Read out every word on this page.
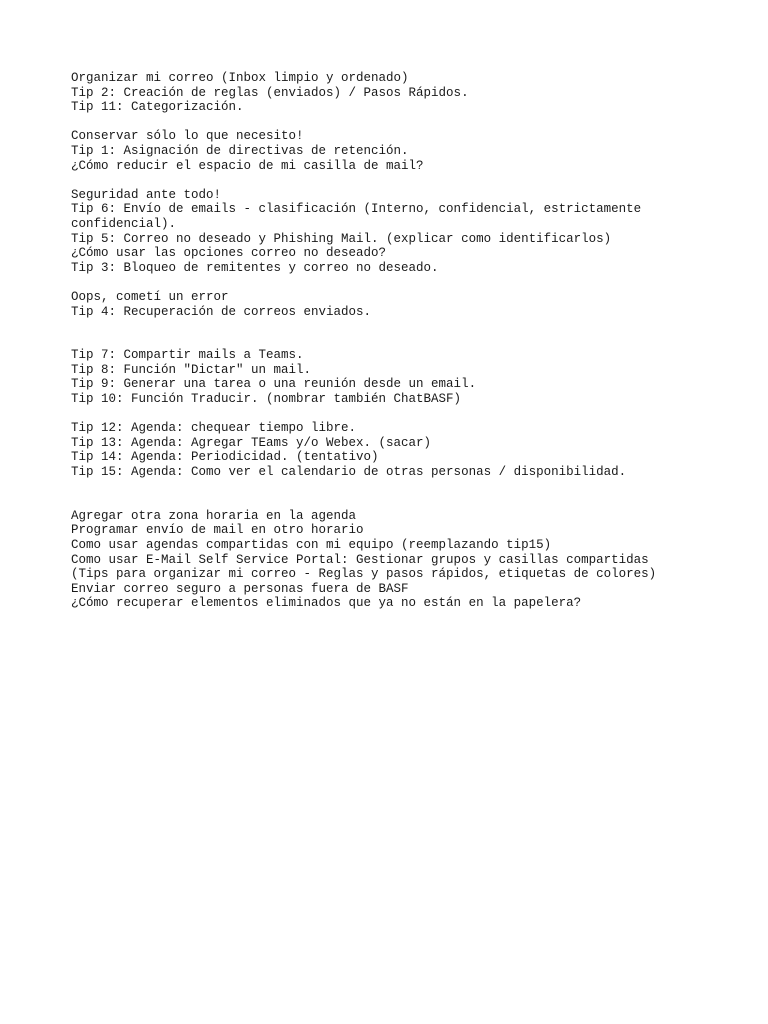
Organizar mi correo (Inbox limpio y ordenado)
Tip 2: Creación de reglas (enviados) / Pasos Rápidos.
Tip 11: Categorización.
Conservar sólo lo que necesito!
Tip 1: Asignación de directivas de retención.
¿Cómo reducir el espacio de mi casilla de mail?
Seguridad ante todo!
Tip 6: Envío de emails - clasificación (Interno, confidencial, estrictamente confidencial).
Tip 5: Correo no deseado y Phishing Mail. (explicar como identificarlos)
¿Cómo usar las opciones correo no deseado?
Tip 3: Bloqueo de remitentes y correo no deseado.
Oops, cometí un error
Tip 4: Recuperación de correos enviados.
Tip 7: Compartir mails a Teams.
Tip 8: Función "Dictar" un mail.
Tip 9: Generar una tarea o una reunión desde un email.
Tip 10: Función Traducir. (nombrar también ChatBASF)
Tip 12: Agenda: chequear tiempo libre.
Tip 13: Agenda: Agregar TEams y/o Webex. (sacar)
Tip 14: Agenda: Periodicidad. (tentativo)
Tip 15: Agenda: Como ver el calendario de otras personas / disponibilidad.
Agregar otra zona horaria en la agenda
Programar envío de mail en otro horario
Como usar agendas compartidas con mi equipo (reemplazando tip15)
Como usar E-Mail Self Service Portal: Gestionar grupos y casillas compartidas
(Tips para organizar mi correo - Reglas y pasos rápidos, etiquetas de colores)
Enviar correo seguro a personas fuera de BASF
¿Cómo recuperar elementos eliminados que ya no están en la papelera?
